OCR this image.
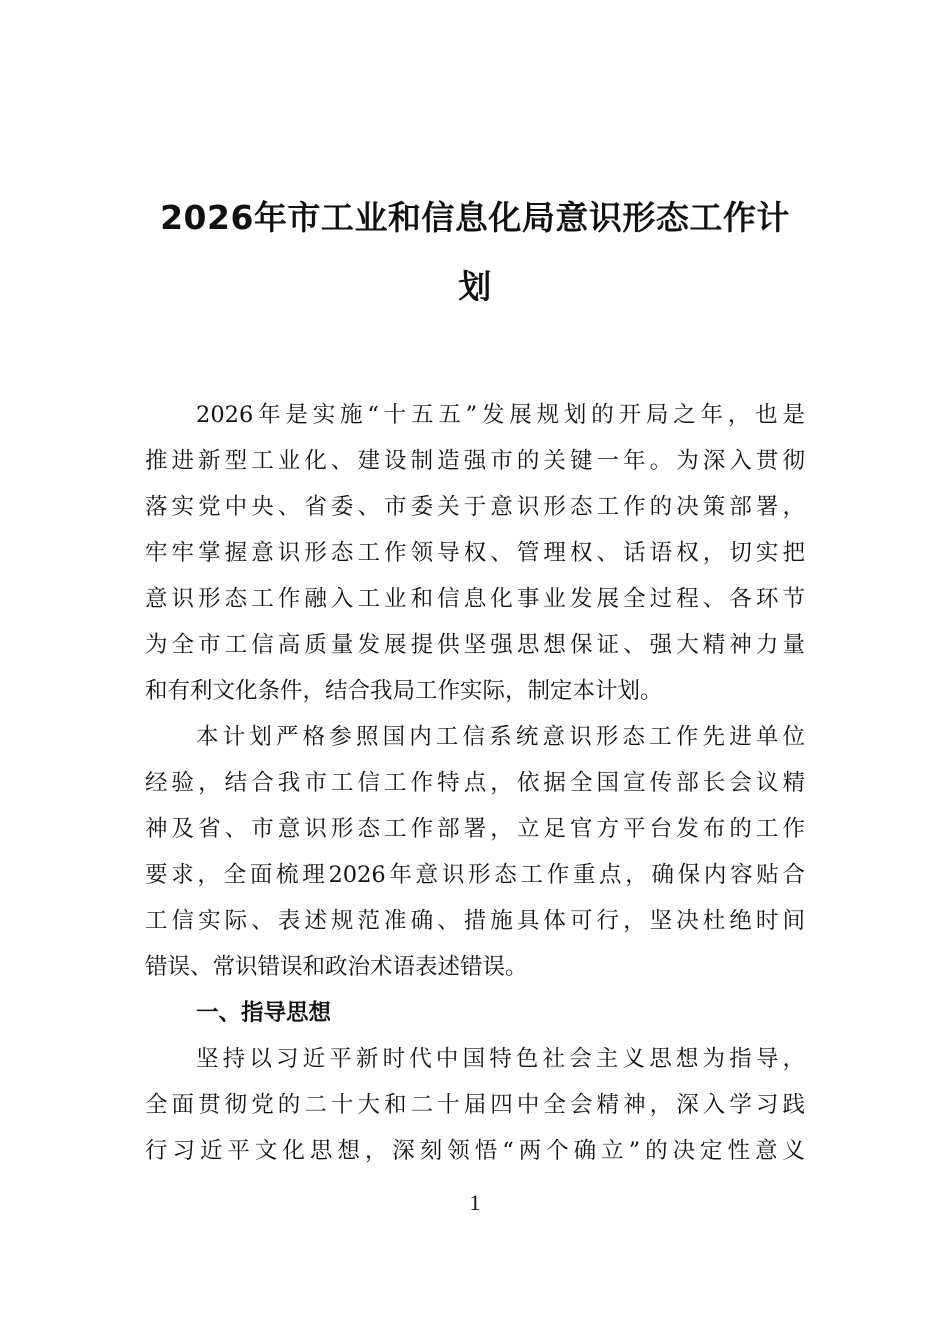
2026年市工业和信息化局意识形态工作计
划
2026年是实施“十五五”发展规划的开局之年，也是
推进新型工业化、建设制造强市的关键一年。为深入贯彻
落实党中央、省委、市委关于意识形态工作的决策部署，
牢牢掌握意识形态工作领导权、管理权、话语权，切实把
意识形态工作融入工业和信息化事业发展全过程、各环节
为全市工信高质量发展提供坚强思想保证、强大精神力量
和有利文化条件，结合我局工作实际，制定本计划。
本计划严格参照国内工信系统意识形态工作先进单位
经验，结合我市工信工作特点，依据全国宣传部长会议精
神及省、市意识形态工作部署，立足官方平台发布的工作
要求，全面梳理2026年意识形态工作重点，确保内容贴合
工信实际、表述规范准确、措施具体可行，坚决杜绝时间
错误、常识错误和政治术语表述错误。
一、指导思想
坚持以习近平新时代中国特色社会主义思想为指导，
全面贯彻党的二十大和二十届四中全会精神，深入学习践
行习近平文化思想，深刻领悟“两个确立”的决定性意义
1
